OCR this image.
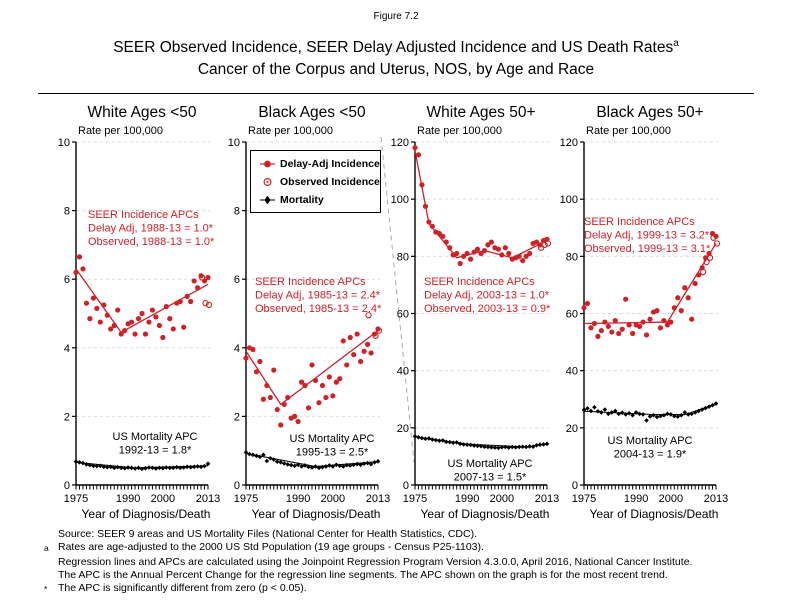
Figure 7.2
SEER Observed Incidence, SEER Delay Adjusted Incidence and US Death Rates$^a$
Cancer of the Corpus and Uterus, NOS, by Age and Race
0
2
4
6
8
10
1975	1990 2000 2013
White Ages <50
Rate per 100,000
Year of Diagnosis/Death
SEER Incidence APCs
Delay Adj, 1988-13 = 1.0*
Observed, 1988-13 = 1.0*
US Mortality APC
1992-13 = 1.8*
0
2
4
6
8
10
1975	1990 2000 2013
Black Ages <50
Rate per 100,000
Year of Diagnosis/Death
SEER Incidence APCs
Delay Adj, 1985-13 = 2.4*
Observed, 1985-13 = 2.4*
US Mortality APC
1995-13 = 2.5*
0
20
40
60
80
100
120
1975	1990 2000 2013
White Ages 50+
Rate per 100,000
Year of Diagnosis/Death
SEER Incidence APCs
Delay Adj, 2003-13 = 1.0*
Observed, 2003-13 = 0.9*
US Mortality APC
2007-13 = 1.5*
0
20
40
60
80
100
120
1975	1990 2000 2013
Black Ages 50+
Rate per 100,000
Year of Diagnosis/Death
SEER Incidence APCs
Delay Adj, 1999-13 = 3.2*
Observed, 1999-13 = 3.1*
US Mortality APC
2004-13 = 1.9*
Delay-Adj Incidence
Observed Incidence
Mortality
Source: SEER 9 areas and US Mortality Files (National Center for Health Statistics, CDC).
a Rates are age-adjusted to the 2000 US Std Population (19 age groups - Census P25-1103).
Regression lines and APCs are calculated using the Joinpoint Regression Program Version 4.3.0.0, April 2016, National Cancer Institute.
The APC is the Annual Percent Change for the regression line segments. The APC shown on the graph is for the most recent trend.
*	The APC is significantly different from zero (p < 0.05).
